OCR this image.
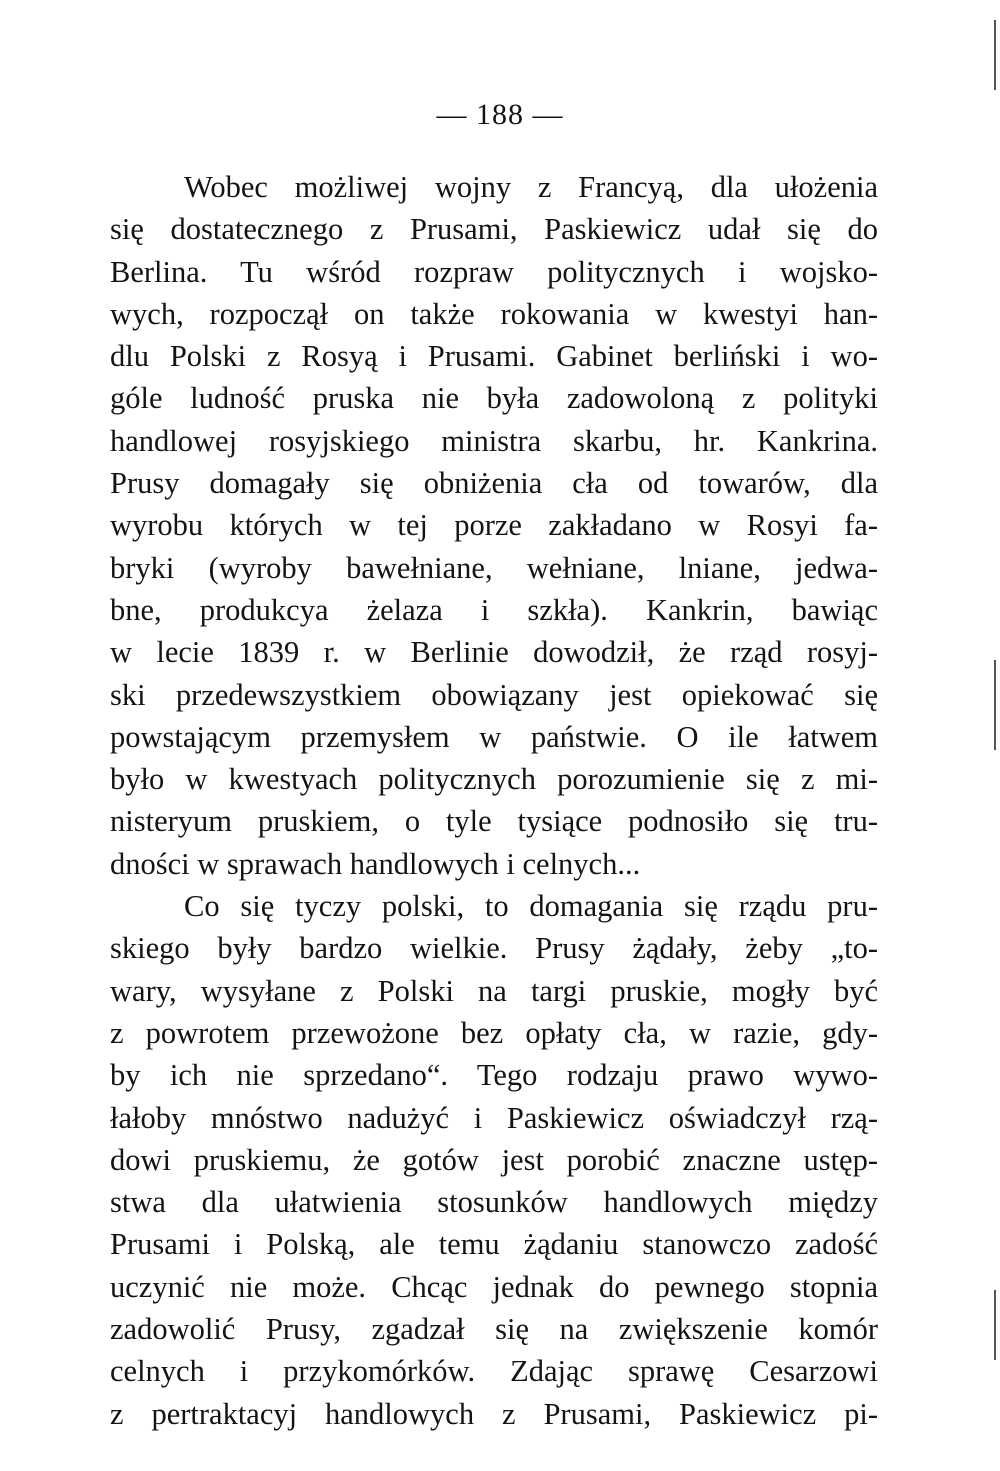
— 188 —
Wobec możliwej wojny z Francyą, dla ułożenia
się dostatecznego z Prusami, Paskiewicz udał się do
Berlina. Tu wśród rozpraw politycznych i wojsko-
wych, rozpoczął on także rokowania w kwestyi han-
dlu Polski z Rosyą i Prusami. Gabinet berliński i wo-
góle ludność pruska nie była zadowoloną z polityki
handlowej rosyjskiego ministra skarbu, hr. Kankrina.
Prusy domagały się obniżenia cła od towarów, dla
wyrobu których w tej porze zakładano w Rosyi fa-
bryki (wyroby bawełniane, wełniane, lniane, jedwa-
bne, produkcya żelaza i szkła). Kankrin, bawiąc
w lecie 1839 r. w Berlinie dowodził, że rząd rosyj-
ski przedewszystkiem obowiązany jest opiekować się
powstającym przemysłem w państwie. O ile łatwem
było w kwestyach politycznych porozumienie się z mi-
nisteryum pruskiem, o tyle tysiące podnosiło się tru-
dności w sprawach handlowych i celnych...
Co się tyczy polski, to domagania się rządu pru-
skiego były bardzo wielkie. Prusy żądały, żeby „to-
wary, wysyłane z Polski na targi pruskie, mogły być
z powrotem przewożone bez opłaty cła, w razie, gdy-
by ich nie sprzedano“. Tego rodzaju prawo wywo-
łałoby mnóstwo nadużyć i Paskiewicz oświadczył rzą-
dowi pruskiemu, że gotów jest porobić znaczne ustęp-
stwa dla ułatwienia stosunków handlowych między
Prusami i Polską, ale temu żądaniu stanowczo zadość
uczynić nie może. Chcąc jednak do pewnego stopnia
zadowolić Prusy, zgadzał się na zwiększenie komór
celnych i przykomórków. Zdając sprawę Cesarzowi
z pertraktacyj handlowych z Prusami, Paskiewicz pi-
